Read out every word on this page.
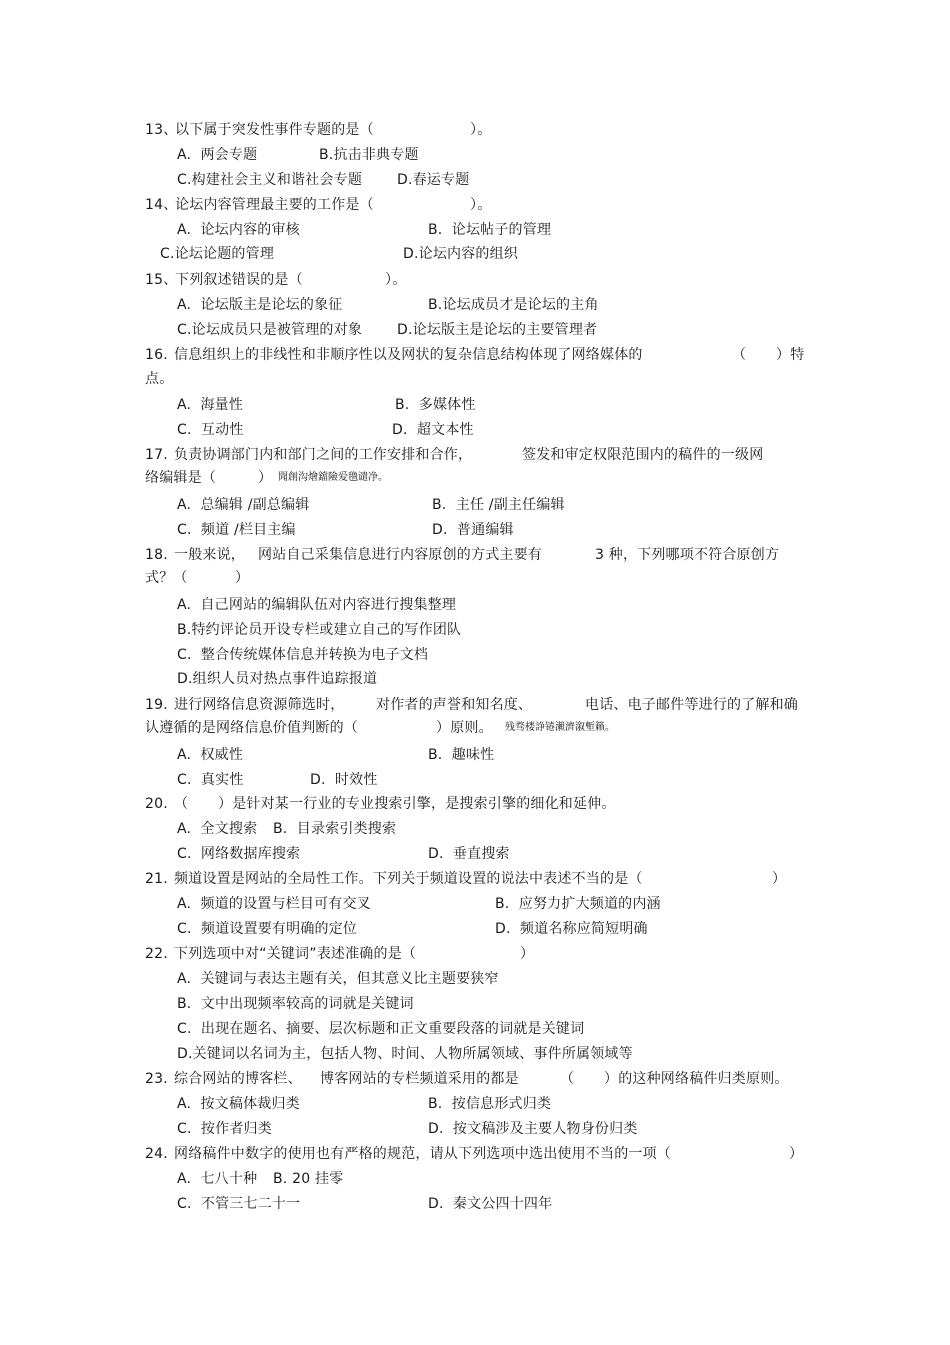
13、
以下属于突发性事件专题的是（	）。
A.  两会专题	B.抗击非典专题
C.构建社会主义和谐社会专题 D.春运专题
14、
论坛内容管理最主要的工作是（	）。
A.  论坛内容的审核	B.  论坛帖子的管理
C.论坛论题的管理	D.论坛内容的组织
15、
下列叙述错误的是（	）。
A.  论坛版主是论坛的象征	B.论坛成员才是论坛的主角
C.论坛成员只是被管理的对象 D.论坛版主是论坛的主要管理者
16. 信息组织上的非线性和非顺序性以及网状的复杂信息结构体现了网络媒体的	（ ）特
点。
A.  海量性	B.  多媒体性
C.  互动性	D.  超文本性
17. 负责协调部门内和部门之间的工作安排和合作，	签发和审定权限范围内的稿件的一级网
络编辑是（	） 聞創沟燴鐺險爱氇谴净。
A.  总编辑 /副总编辑	B.  主任 /副主任编辑
C.  频道 /栏目主编	D.  普通编辑
18. 一般来说， 网站自己采集信息进行内容原创的方式主要有	3 种，下列哪项不符合原创方
式？（	）
A.  自己网站的编辑队伍对内容进行搜集整理
B.特约评论员开设专栏或建立自己的写作团队
C.  整合传统媒体信息并转换为电子文档
D.组织人员对热点事件追踪报道
19. 进行网络信息资源筛选时， 对作者的声誉和知名度、	电话、电子邮件等进行的了解和确
认遵循的是网络信息价值判断的（	）原则。 残骛楼諍锩瀨濟溆塹籟。
A.  权威性	B.  趣味性
C.  真实性	D.  时效性
20. （ ）是针对某一行业的专业搜索引擎，是搜索引擎的细化和延伸。
A.  全文搜索 B.  目录索引类搜索
C.  网络数据库搜索	D.  垂直搜索
21. 频道设置是网站的全局性工作。下列关于频道设置的说法中表述不当的是（	）
A.  频道的设置与栏目可有交叉	B.  应努力扩大频道的内涵
C.  频道设置要有明确的定位	D.  频道名称应简短明确
22. 下列选项中对“关键词”表述准确的是（	）
A.  关键词与表达主题有关，但其意义比主题要狭窄
B.  文中出现频率较高的词就是关键词
C.  出现在题名、摘要、层次标题和正文重要段落的词就是关键词
D.关键词以名词为主，包括人物、时间、人物所属领域、事件所属领域等
23. 综合网站的博客栏、 博客网站的专栏频道采用的都是	（ ）的这种网络稿件归类原则。
A.  按文稿体裁归类	B.  按信息形式归类
C.  按作者归类	D.  按文稿涉及主要人物身份归类
24. 网络稿件中数字的使用也有严格的规范，请从下列选项中选出使用不当的一项（	）
A.  七八十种 B. 20 挂零
C.  不管三七二十一	D.  秦文公四十四年
